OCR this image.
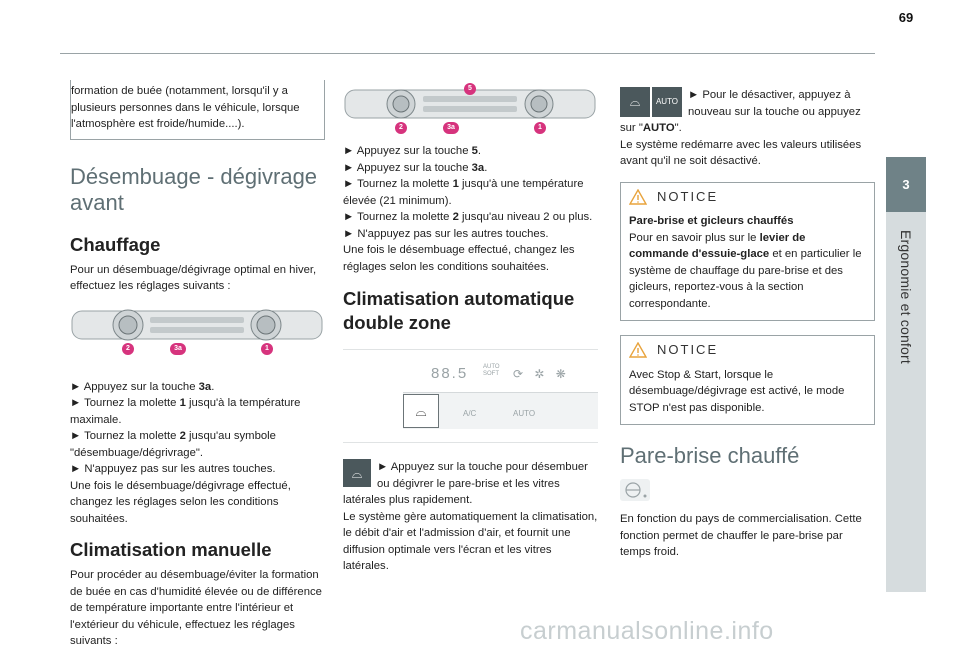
69
3
Ergonomie et confort

formation de buée (notamment, lorsqu'il y a plusieurs personnes dans le véhicule, lorsque l'atmosphère est froide/humide....).

Désembuage - dégivrage avant
Chauffage

Pour un désembuage/dégivrage optimal en hiver, effectuez les réglages suivants :

2	3a	1

► Appuyez sur la touche 3a.

► Tournez la molette 1 jusqu'à la température maximale.

► Tournez la molette 2 jusqu'au symbole "désembuage/dégrivrage".

► N'appuyez pas sur les autres touches.

Une fois le désembuage/dégivrage effectué, changez les réglages selon les conditions souhaitées.

Climatisation manuelle

Pour procéder au désembuage/éviter la formation de buée en cas d'humidité élevée ou de différence de température importante entre l'intérieur et l'extérieur du véhicule, effectuez les réglages suivants :

5
2	3a	1

► Appuyez sur la touche 5.

► Appuyez sur la touche 3a.

► Tournez la molette 1 jusqu'à une température élevée (21 minimum).

► Tournez la molette 2 jusqu'au niveau 2 ou plus.

► N'appuyez pas sur les autres touches.

Une fois le désembuage effectué, changez les réglages selon les conditions souhaitées.

Climatisation automatique double zone
88.5 AUTO
SOFT ⟳ ✲ ❋
⌓	A/C	AUTO

⌓	► Appuyez sur la touche pour désembuer ou dégivrer le pare-brise et les vitres latérales plus rapidement.

Le système gère automatiquement la climatisation, le débit d'air et l'admission d'air, et fournit une diffusion optimale vers l'écran et les vitres latérales.

⌓	AUTO
► Pour le désactiver, appuyez à nouveau sur la touche ou appuyez sur "AUTO".

Le système redémarre avec les valeurs utilisées avant qu'il ne soit désactivé.

NOTICE

Pare-brise et gicleurs chauffés

Pour en savoir plus sur le levier de commande d'essuie-glace et en particulier le système de chauffage du pare-brise et des gicleurs, reportez-vous à la section correspondante.

NOTICE

Avec Stop & Start, lorsque le désembuage/dégivrage est activé, le mode STOP n'est pas disponible.

Pare-brise chauffé

En fonction du pays de commercialisation. Cette fonction permet de chauffer le pare-brise par temps froid.

carmanualsonline.info
